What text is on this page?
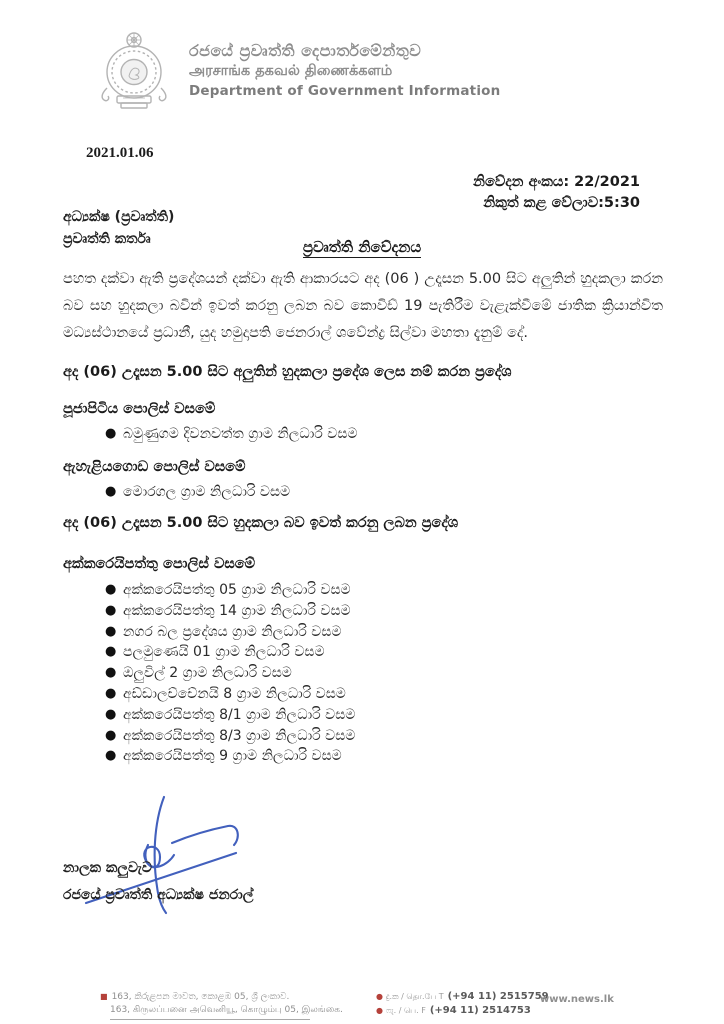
රජයේ ප්‍රවෘත්ති දෙපාර්තමේන්තුව
அரசாங்க தகவல் திணைக்களம்
Department of Government Information
2021.01.06
නිවේදන අංකය: 22/2021
නිකුත් කළ වේලාව:5:30
අධ්‍යක්ෂ (ප්‍රවෘත්ති)
ප්‍රවෘත්ති කර්තෘ	ප්‍රවෘත්ති නිවේදනය

පහත දක්වා ඇති ප්‍රදේශයන් දක්වා ඇති ආකාරයට අද (06 ) උදෑසන 5.00 සිට අලුතින් හුදකලා කරන බව සහ හුදකලා බවින් ඉවත් කරනු ලබන බව කොවිඩ් 19 පැතිරීම වැළැක්වීමේ ජාතික ක්‍රියාන්විත මධ්‍යස්ථානයේ ප්‍රධානී, යුද හමුදාපති ජෙනරාල් ශවේන්ද්‍ර සිල්වා මහතා දැනුම් දේ.

අද (06) උදෑසන 5.00 සිට අලුතින් හුදකලා ප්‍රදේශ ලෙස නම් කරන ප්‍රදේශ
පූජාපිටිය පොලිස් වසමේ
● බමුණුගම දිවනවත්ත ග්‍රාම නිලධාරි වසම
ඇහැළියගොඩ පොලිස් වසමේ
● මොරගල ග්‍රාම නිලධාරි වසම
අද (06) උදෑසන 5.00 සිට හුදකලා බව ඉවත් කරනු ලබන ප්‍රදේශ
අක්කරෙයිපත්තු පොලිස් වසමේ
● අක්කරෙයිපත්තු 05 ග්‍රාම නිලධාරි වසම
● අක්කරෙයිපත්තු 14 ග්‍රාම නිලධාරි වසම
● නගර බල ප්‍රදේශය ග්‍රාම නිලධාරි වසම
● පලමුණෙයි 01 ග්‍රාම නිලධාරි වසම
● ඔලුවිල් 2 ග්‍රාම නිලධාරි වසම
● අඩ්ඩාලච්චේනයි 8 ග්‍රාම නිලධාරි වසම
● අක්කරෙයිපත්තු 8/1 ග්‍රාම නිලධාරි වසම
● අක්කරෙයිපත්තු 8/3 ග්‍රාම නිලධාරි වසම
● අක්කරෙයිපත්තු 9 ග්‍රාම නිලධාරි වසම
නාලක කලුවැව
රජයේ ප්‍රවෘත්ති අධ්‍යක්ෂ ජනරාල්
■ 163, කිරුළපන මාවත, කොළඹ 05, ශ්‍රී ලංකාව.
163, கிருலப்பனை அவெனியூ, கொழும்பு 05, இலங்கை.
● දු.ක / தொ.பே T (+94 11) 2515759
● ෆැ. / பெ. F (+94 11) 2514753
www.news.lk
